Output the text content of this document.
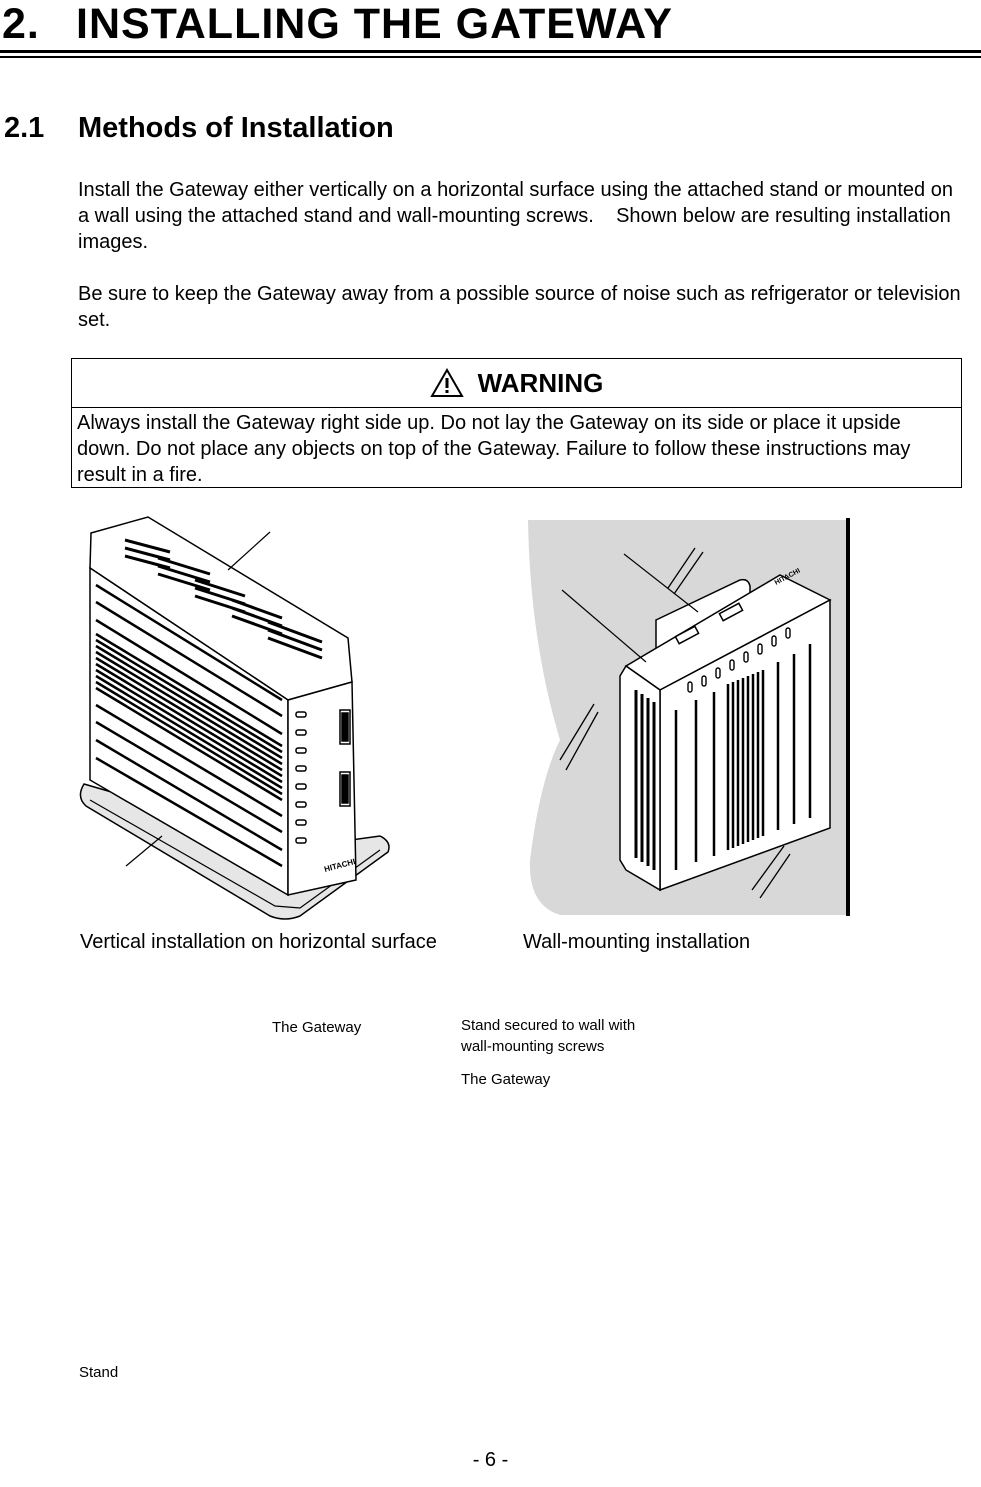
2. INSTALLING THE GATEWAY
2.1 Methods of Installation

Install the Gateway either vertically on a horizontal surface using the attached stand or mounted on a wall using the attached stand and wall-mounting screws.    Shown below are resulting installation images.

Be sure to keep the Gateway away from a possible source of noise such as refrigerator or television set.

WARNING
Always install the Gateway right side up. Do not lay the Gateway on its side or place it upside down. Do not place any objects on top of the Gateway. Failure to follow these instructions may result in a fire.
HITACHI
HITACHI
The Gateway
Stand
Stand secured to wall with
wall-mounting screws
The Gateway
Vertical installation on horizontal surface	Wall-mounting installation
- 6 -
